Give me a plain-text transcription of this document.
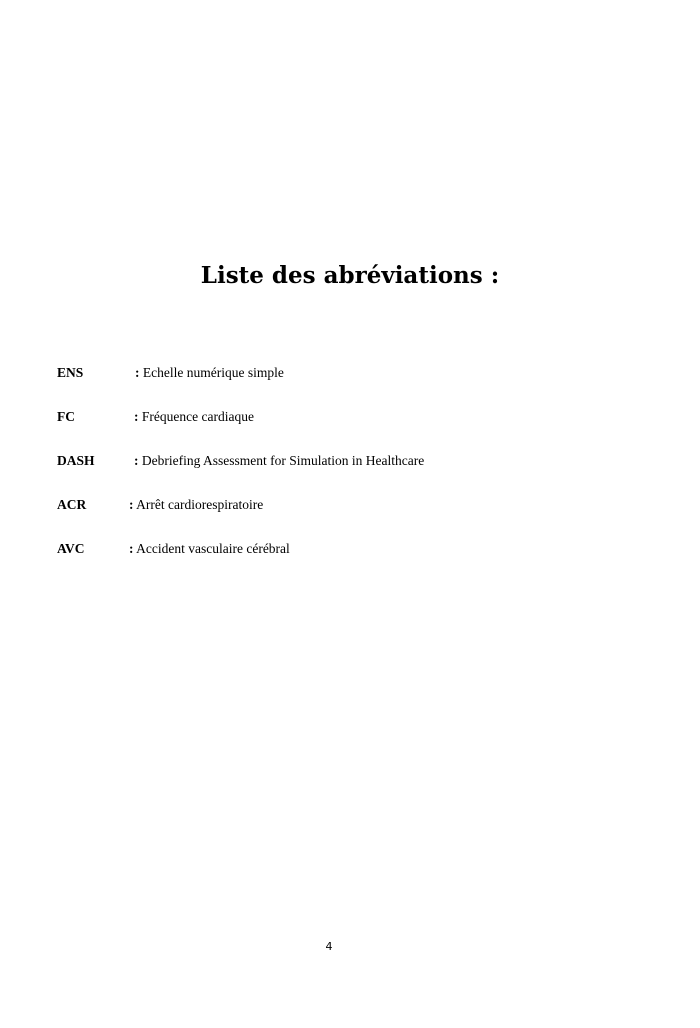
Liste des abréviations :
ENS	: Echelle numérique simple
FC	: Fréquence cardiaque
DASH	: Debriefing Assessment for Simulation in Healthcare
ACR	: Arrêt cardiorespiratoire
AVC	: Accident vasculaire cérébral
4
